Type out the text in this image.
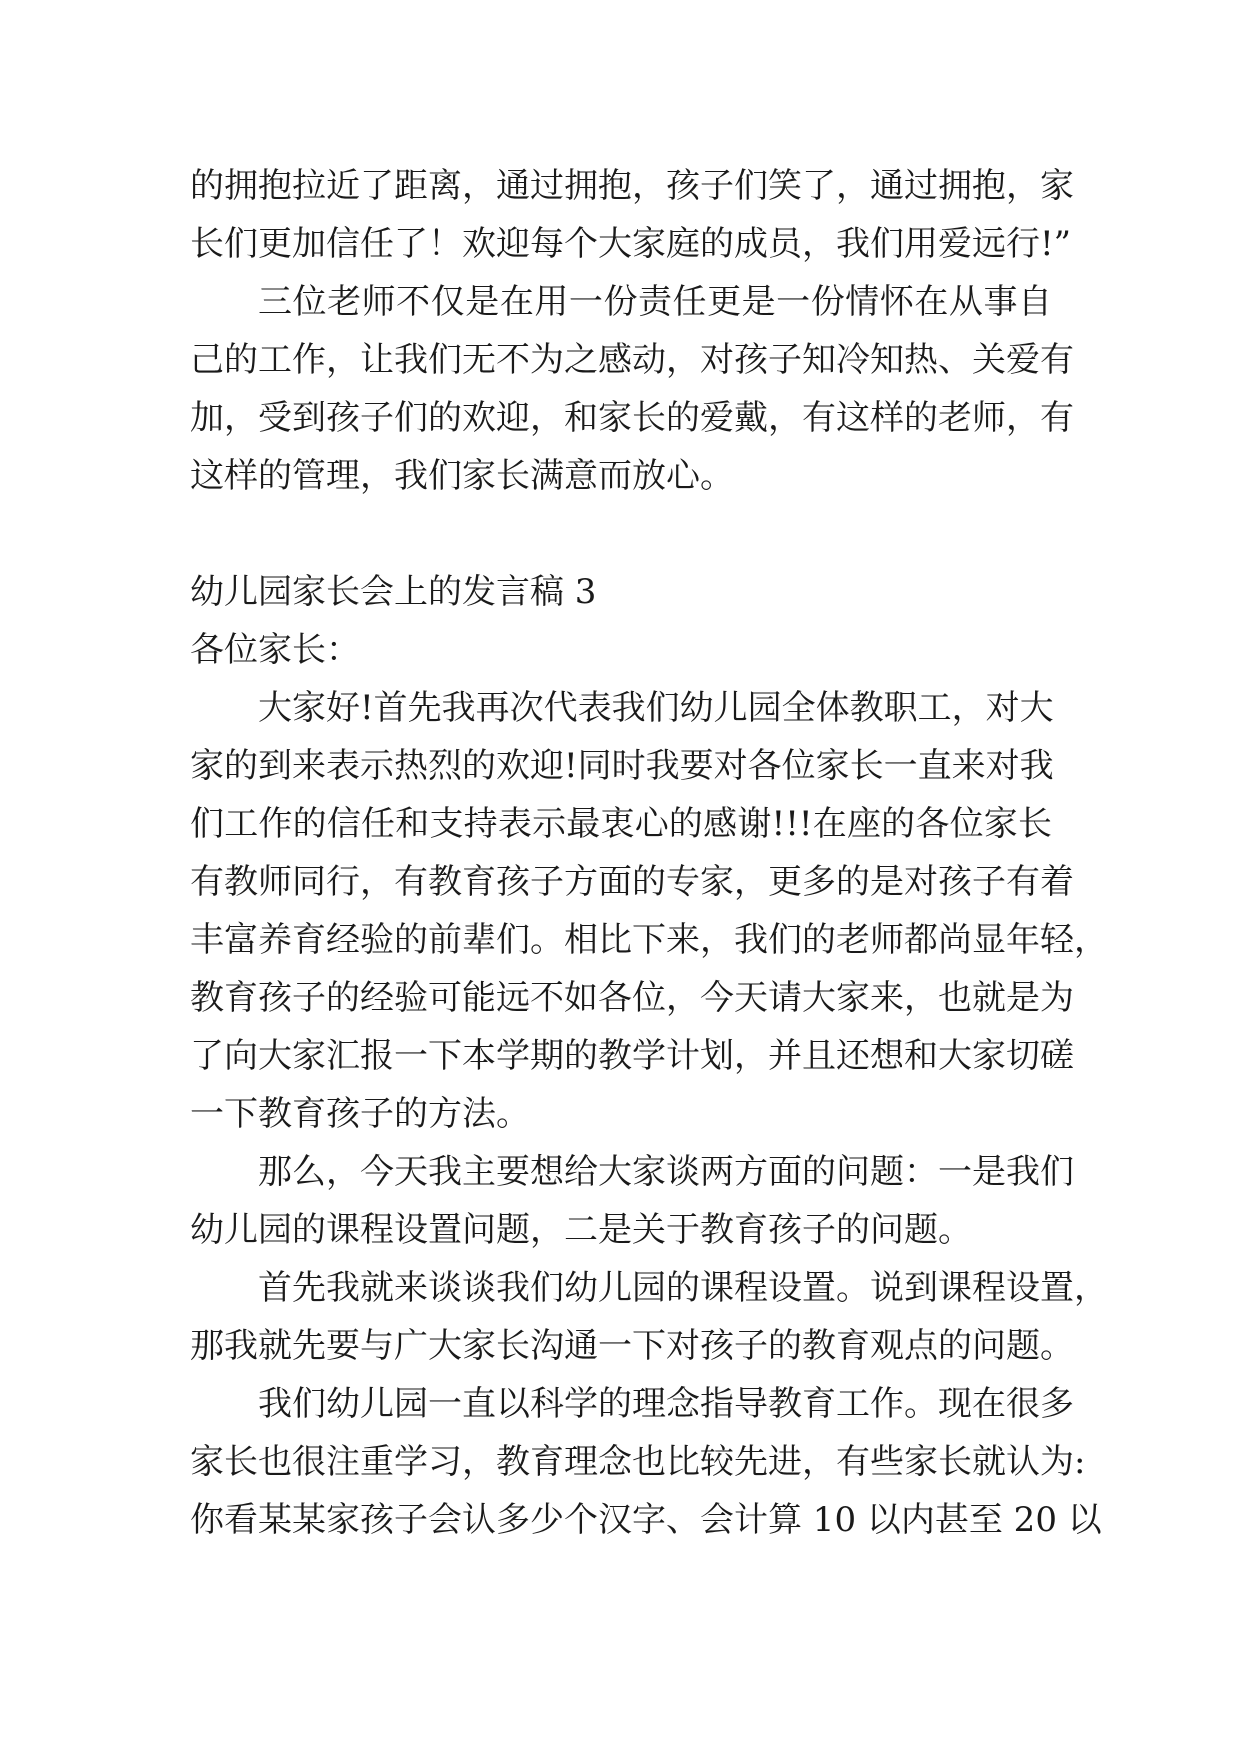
的拥抱拉近了距离，通过拥抱，孩子们笑了，通过拥抱，家
长们更加信任了！欢迎每个大家庭的成员，我们用爱远行!”
三位老师不仅是在用一份责任更是一份情怀在从事自
己的工作，让我们无不为之感动，对孩子知冷知热、关爱有
加，受到孩子们的欢迎，和家长的爱戴，有这样的老师，有
这样的管理，我们家长满意而放心。
幼儿园家长会上的发言稿 3
各位家长：
大家好!首先我再次代表我们幼儿园全体教职工，对大
家的到来表示热烈的欢迎!同时我要对各位家长一直来对我
们工作的信任和支持表示最衷心的感谢!!!在座的各位家长
有教师同行，有教育孩子方面的专家，更多的是对孩子有着
丰富养育经验的前辈们。相比下来，我们的老师都尚显年轻，
教育孩子的经验可能远不如各位，今天请大家来，也就是为
了向大家汇报一下本学期的教学计划，并且还想和大家切磋
一下教育孩子的方法。
那么，今天我主要想给大家谈两方面的问题：一是我们
幼儿园的课程设置问题，二是关于教育孩子的问题。
首先我就来谈谈我们幼儿园的课程设置。说到课程设置，
那我就先要与广大家长沟通一下对孩子的教育观点的问题。
我们幼儿园一直以科学的理念指导教育工作。现在很多
家长也很注重学习，教育理念也比较先进，有些家长就认为:
你看某某家孩子会认多少个汉字、会计算 10 以内甚至 20 以
